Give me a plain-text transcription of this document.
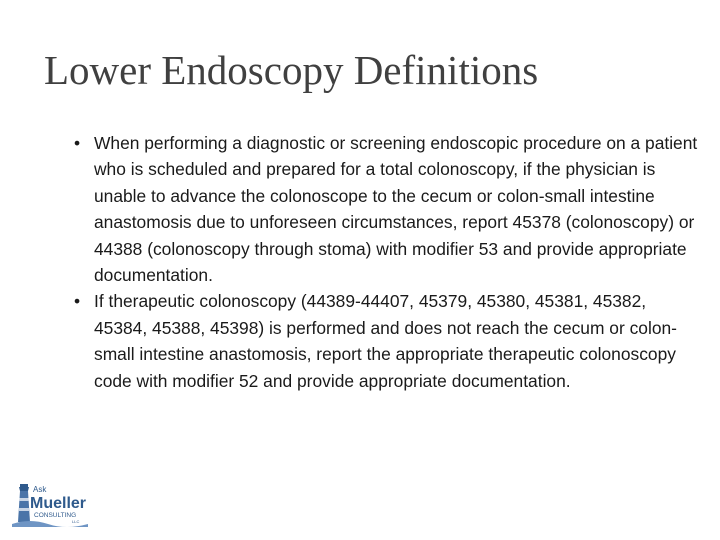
Lower Endoscopy Definitions
• When performing a diagnostic or screening endoscopic procedure on a patient who is scheduled and prepared for a total colonoscopy, if the physician is unable to advance the colonoscope to the cecum or colon-small intestine anastomosis due to unforeseen circumstances, report 45378 (colonoscopy) or 44388 (colonoscopy through stoma) with modifier 53 and provide appropriate documentation.
• If therapeutic colonoscopy (44389-44407, 45379, 45380, 45381, 45382, 45384, 45388, 45398) is performed and does not reach the cecum or colon-small intestine anastomosis, report the appropriate therapeutic colonoscopy code with modifier 52 and provide appropriate documentation.
Ask
Mueller
CONSULTING
LLC
